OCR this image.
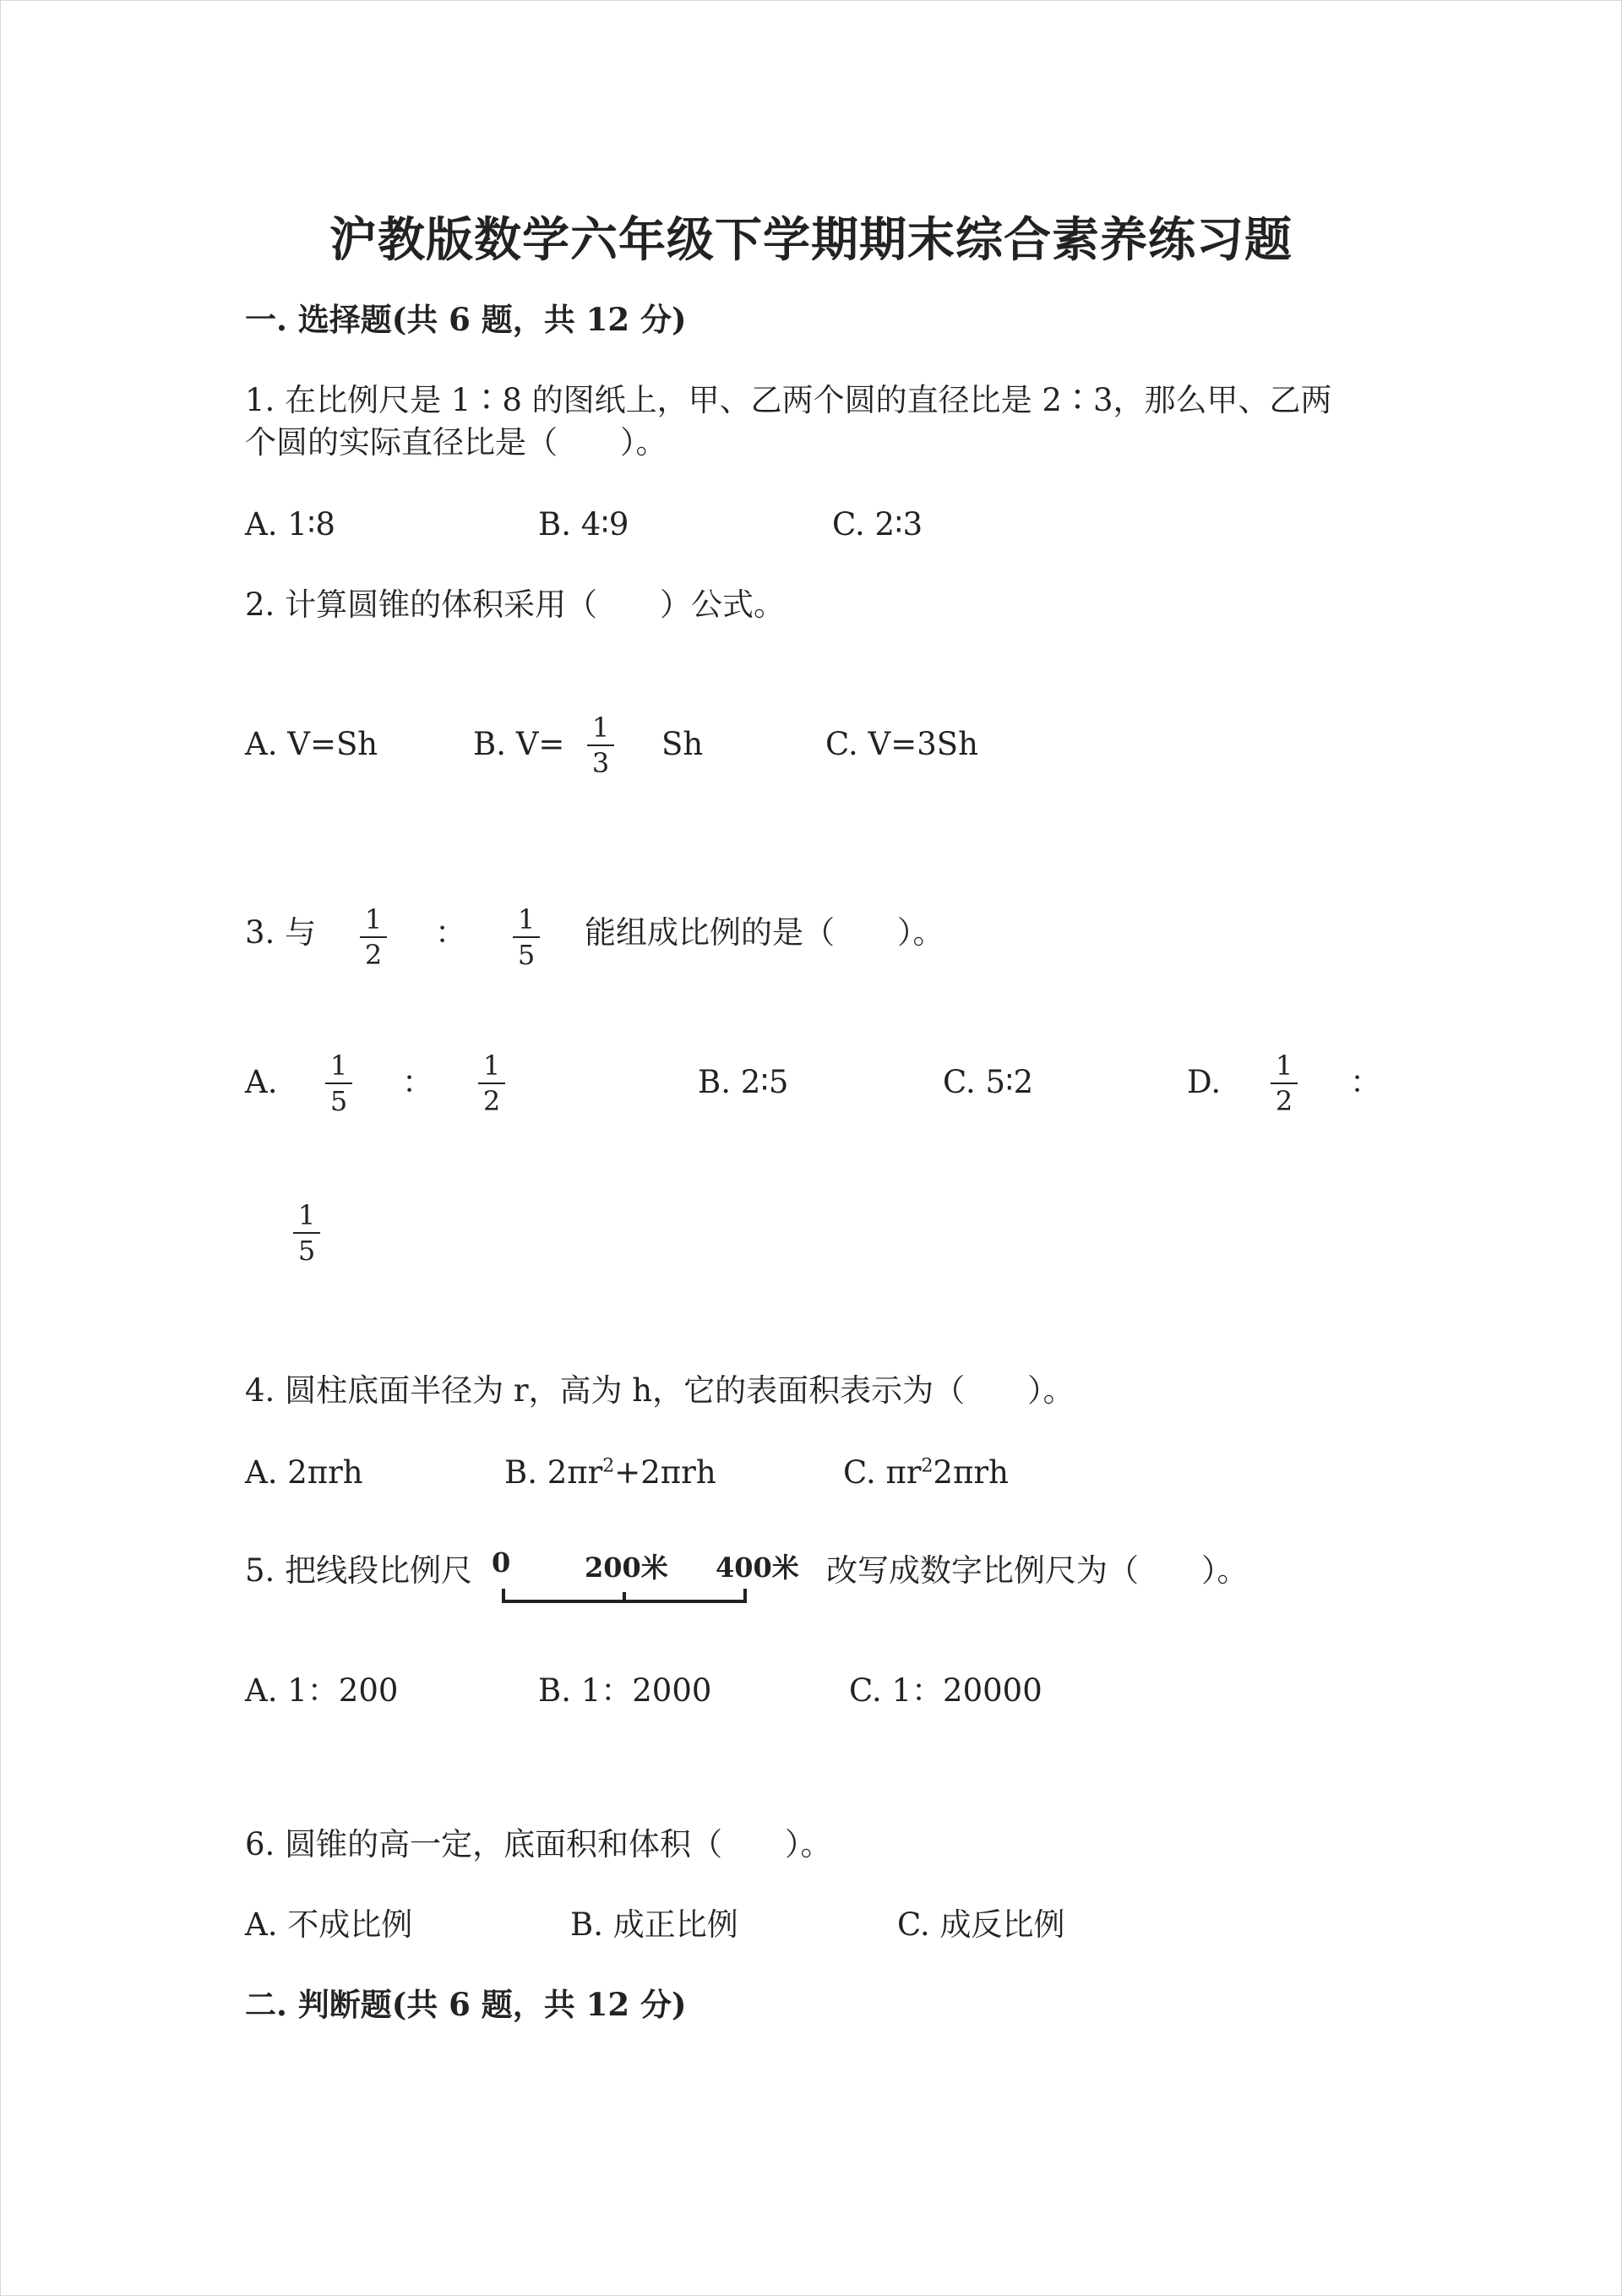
沪教版数学六年级下学期期末综合素养练习题
一. 选择题(共 6 题，共 12 分)
1. 在比例尺是 1∶8 的图纸上，甲、乙两个圆的直径比是 2∶3，那么甲、乙两
个圆的实际直径比是（　　）。
A. 1∶8	B. 4∶9	C. 2∶3
2. 计算圆锥的体积采用（　　）公式。
A. V=Sh	B. V=	1
3
Sh	C. V=3Sh
3. 与	1
2
：	1
5
能组成比例的是（　　）。
A.	1
5
：	1
2
B. 2∶5	C. 5∶2	D.	1
2
：
1
5
4. 圆柱底面半径为 r，高为 h，它的表面积表示为（　　）。
A. 2πrh	B. $2\pi r^2+2\pi rh$	C. $\pi r^22\pi rh$
5. 把线段比例尺 0	200米 400米 改写成数字比例尺为（　　）。
A. 1：200	B. 1：2000	C. 1：20000
6. 圆锥的高一定，底面积和体积（　　）。
A. 不成比例	B. 成正比例	C. 成反比例
二. 判断题(共 6 题，共 12 分)
